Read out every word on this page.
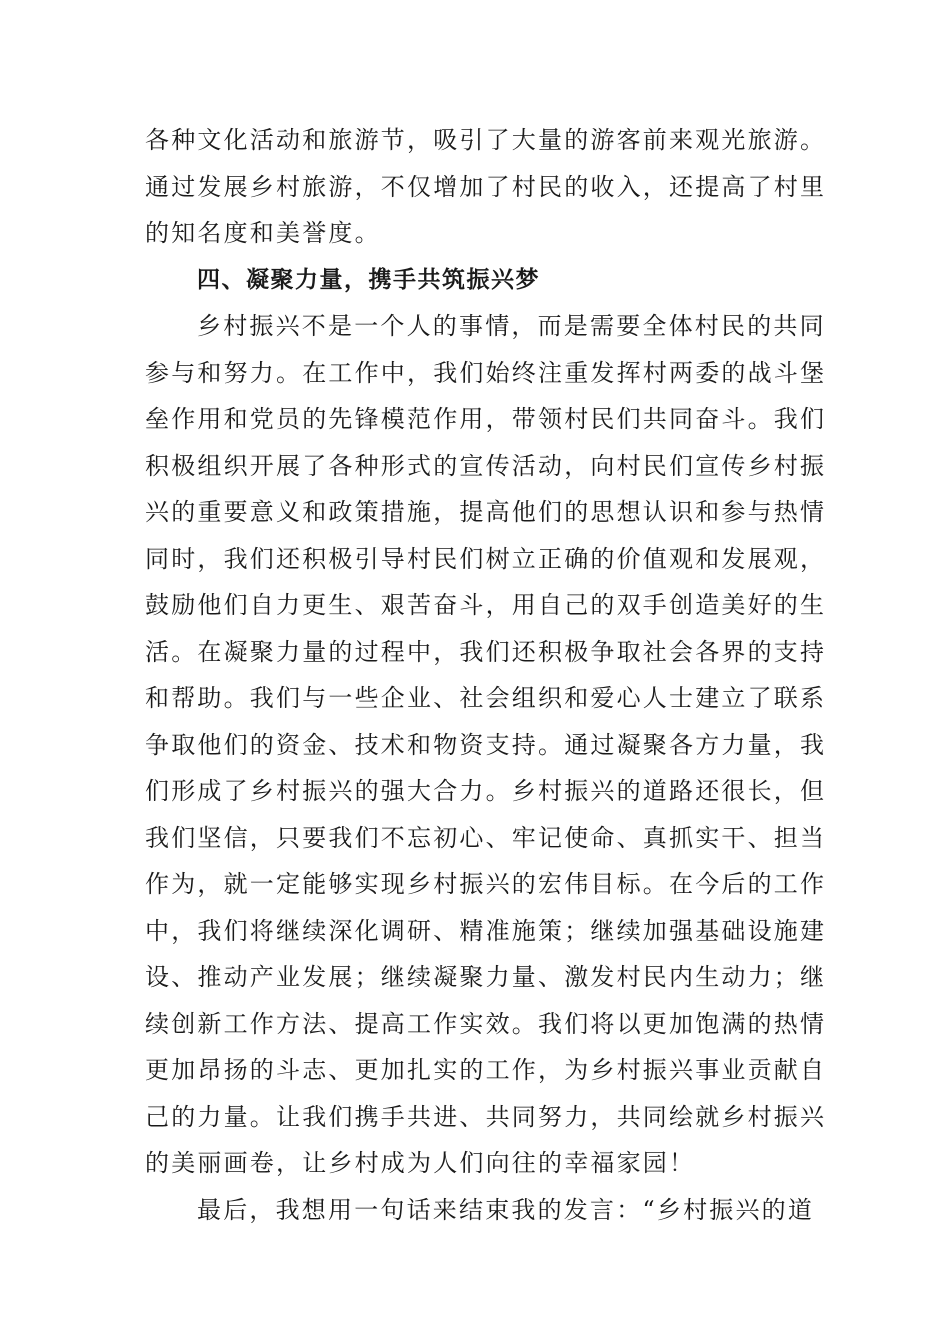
各种文化活动和旅游节，吸引了大量的游客前来观光旅游。
通过发展乡村旅游，不仅增加了村民的收入，还提高了村里
的知名度和美誉度。
四、凝聚力量，携手共筑振兴梦
乡村振兴不是一个人的事情，而是需要全体村民的共同
参与和努力。在工作中，我们始终注重发挥村两委的战斗堡
垒作用和党员的先锋模范作用，带领村民们共同奋斗。我们
积极组织开展了各种形式的宣传活动，向村民们宣传乡村振
兴的重要意义和政策措施，提高他们的思想认识和参与热情
同时，我们还积极引导村民们树立正确的价值观和发展观，
鼓励他们自力更生、艰苦奋斗，用自己的双手创造美好的生
活。在凝聚力量的过程中，我们还积极争取社会各界的支持
和帮助。我们与一些企业、社会组织和爱心人士建立了联系
争取他们的资金、技术和物资支持。通过凝聚各方力量，我
们形成了乡村振兴的强大合力。乡村振兴的道路还很长，但
我们坚信，只要我们不忘初心、牢记使命、真抓实干、担当
作为，就一定能够实现乡村振兴的宏伟目标。在今后的工作
中，我们将继续深化调研、精准施策；继续加强基础设施建
设、推动产业发展；继续凝聚力量、激发村民内生动力；继
续创新工作方法、提高工作实效。我们将以更加饱满的热情
更加昂扬的斗志、更加扎实的工作，为乡村振兴事业贡献自
己的力量。让我们携手共进、共同努力，共同绘就乡村振兴
的美丽画卷，让乡村成为人们向往的幸福家园！
最后，我想用一句话来结束我的发言：“乡村振兴的道
